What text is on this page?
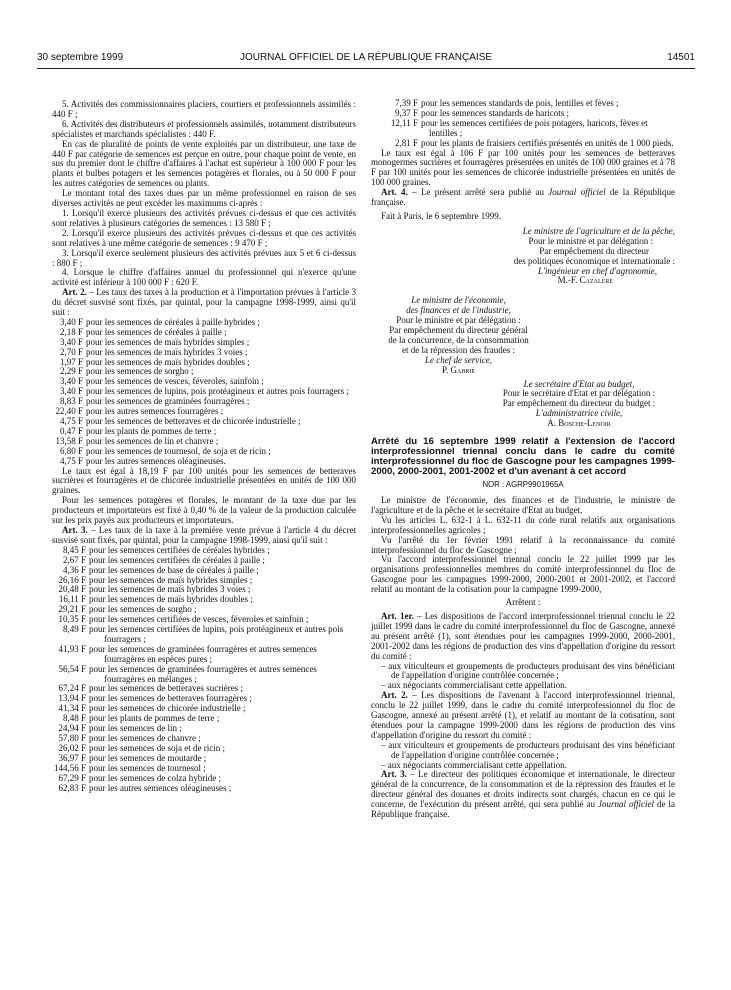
30 septembre 1999	JOURNAL OFFICIEL DE LA RÉPUBLIQUE FRANÇAISE	14501

5. Activités des commissionnaires placiers, courtiers et professionnels assimilés : 440 F ;

6. Activités des distributeurs et professionnels assimilés, notamment distributeurs spécialistes et marchands spécialistes : 440 F.

En cas de pluralité de points de vente exploités par un distributeur, une taxe de 440 F par catégorie de semences est perçue en outre, pour chaque point de vente, en sus du premier dont le chiffre d'affaires à l'achat est supérieur à 100 000 F pour les plants et bulbes potagers et les semences potagères et florales, ou à 50 000 F pour les autres catégories de semences ou plants.

Le montant total des taxes dues par un même professionnel en raison de ses diverses activités ne peut excéder les maximums ci-après :

1. Lorsqu'il exerce plusieurs des activités prévues ci-dessus et que ces activités sont relatives à plusieurs catégories de semences : 13 580 F ;

2. Lorsqu'il exerce plusieurs des activités prévues ci-dessus et que ces activités sont relatives à une même catégorie de semences : 9 470 F ;

3. Lorsqu'il exerce seulement plusieurs des activités prévues aux 5 et 6 ci-dessus : 880 F ;

4. Lorsque le chiffre d'affaires annuel du professionnel qui n'exerce qu'une activité est inférieur à 100 000 F : 620 F.

Art. 2. – Les taux des taxes à la production et à l'importation prévues à l'article 3 du décret susvisé sont fixés, par quintal, pour la campagne 1998-1999, ainsi qu'il suit :

3,40 F pour les semences de céréales à paille hybrides ;

2,18 F pour les semences de céréales à paille ;

3,40 F pour les semences de maïs hybrides simples ;

2,70 F pour les semences de maïs hybrides 3 voies ;

1,97 F pour les semences de maïs hybrides doubles ;

2,29 F pour les semences de sorgho ;

3,40 F pour les semences de vesces, féveroles, sainfoin ;

3,40 F pour les semences de lupins, pois protéagineux et autres pois fourragers ;

8,83 F pour les semences de graminées fourragères ;

22,40 F pour les autres semences fourragères ;

4,75 F pour les semences de betteraves et de chicorée industrielle ;

0,47 F pour les plants de pommes de terre ;

13,58 F pour les semences de lin et chanvre ;

6,80 F pour les semences de tournesol, de soja et de ricin ;

4,75 F pour les autres semences oléagineuses.

Le taux est égal à 18,19 F par 100 unités pour les semences de betteraves sucrières et fourragères et de chicorée industrielle présentées en unités de 100 000 graines.

Pour les semences potagères et florales, le montant de la taxe due par les producteurs et importateurs est fixé à 0,40 % de la valeur de la production calculée sur les prix payés aux producteurs et importateurs.

Art. 3. – Les taux de la taxe à la première vente prévue à l'article 4 du décret susvisé sont fixés, par quintal, pour la campagne 1998-1999, ainsi qu'il suit :

8,45 F pour les semences certifiées de céréales hybrides ;

2,67 F pour les semences certifiées de céréales à paille ;

4,36 F pour les semences de base de céréales à paille ;

26,16 F pour les semences de maïs hybrides simples ;

20,48 F pour les semences de maïs hybrides 3 voies ;

16,11 F pour les semences de maïs hybrides doubles ;

29,21 F pour les semences de sorgho ;

10,35 F pour les semences certifiées de vesces, féveroles et sainfoin ;

8,49 F pour les semences certifiées de lupins, pois protéagineux et autres pois fourragers ;

41,93 F pour les semences de graminées fourragères et autres semences fourragères en espèces pures ;

56,54 F pour les semences de graminées fourragères et autres semences fourragères en mélanges ;

67,24 F pour les semences de betteraves sucrières ;

13,94 F pour les semences de betteraves fourragères ;

41,34 F pour les semences de chicorée industrielle ;

8,48 F pour les plants de pommes de terre ;

24,94 F pour les semences de lin ;

57,80 F pour les semences de chanvre ;

26,02 F pour les semences de soja et de ricin ;

36,97 F pour les semences de moutarde ;

144,56 F pour les semences de tournesol ;

67,29 F pour les semences de colza hybride ;

62,83 F pour les autres semences oléagineuses ;

7,39 F pour les semences standards de pois, lentilles et fèves ;

9,37 F pour les semences standards de haricots ;

12,11 F pour les semences certifiées de pois potagers, haricots, fèves et lentilles ;

2,81 F pour les plants de fraisiers certifiés présentés en unités de 1 000 pieds.

Le taux est égal à 106 F par 100 unités pour les semences de betteraves monogermes sucrières et fourragères présentées en unités de 100 000 graines et à 78 F par 100 unités pour les semences de chicorée industrielle présentées en unités de 100 000 graines.

Art. 4. – Le présent arrêté sera publié au Journal officiel de la République française.

Fait à Paris, le 6 septembre 1999.

Le ministre de l'agriculture et de la pêche,

Pour le ministre et par délégation :

Par empêchement du directeur

des politiques économique et internationale :

L'ingénieur en chef d'agronomie,

M.-F. Cazalère

Le ministre de l'économie,

des finances et de l'industrie,

Pour le ministre et par délégation :

Par empêchement du directeur général

de la concurrence, de la consommation

et de la répression des fraudes :

Le chef de service,

P. Gabrié

Le secrétaire d'Etat au budget,

Pour le secrétaire d'Etat et par délégation :

Par empêchement du directeur du budget :

L'administratrice civile,

A. Bosche-Lenoir

Arrêté du 16 septembre 1999 relatif à l'extension de l'accord interprofessionnel triennal conclu dans le cadre du comité interprofessionnel du floc de Gascogne pour les campagnes 1999-2000, 2000-2001, 2001-2002 et d'un avenant à cet accord

NOR : AGRP9901965A

Le ministre de l'économie, des finances et de l'industrie, le ministre de l'agriculture et de la pêche et le secrétaire d'Etat au budget,

Vu les articles L. 632-1 à L. 632-11 du code rural relatifs aux organisations interprofessionnelles agricoles ;

Vu l'arrêté du 1er février 1991 relatif à la reconnaissance du comité interprofessionnel du floc de Gascogne ;

Vu l'accord interprofessionnel triennal conclu le 22 juillet 1999 par les organisations professionnelles membres du comité interprofessionnel du floc de Gascogne pour les campagnes 1999-2000, 2000-2001 et 2001-2002, et l'accord relatif au montant de la cotisation pour la campagne 1999-2000,

Arrêtent :

Art. 1er. – Les dispositions de l'accord interprofessionnel triennal conclu le 22 juillet 1999 dans le cadre du comité interprofessionnel du floc de Gascogne, annexé au présent arrêté (1), sont étendues pour les campagnes 1999-2000, 2000-2001, 2001-2002 dans les régions de production des vins d'appellation d'origine du ressort du comité :

– aux viticulteurs et groupements de producteurs produisant des vins bénéficiant de l'appellation d'origine contrôlée concernée ;

– aux négociants commercialisant cette appellation.

Art. 2. – Les dispositions de l'avenant à l'accord interprofessionnel triennal, conclu le 22 juillet 1999, dans le cadre du comité interprofessionnel du floc de Gascogne, annexé au présent arrêté (1), et relatif au montant de la cotisation, sont étendues pour la campagne 1999-2000 dans les régions de production des vins d'appellation d'origine du ressort du comité :

– aux viticulteurs et groupements de producteurs produisant des vins bénéficiant de l'appellation d'origine contrôlée concernée ;

– aux négociants commercialisant cette appellation.

Art. 3. – Le directeur des politiques économique et internationale, le directeur général de la concurrence, de la consommation et de la répression des fraudes et le directeur général des douanes et droits indirects sont chargés, chacun en ce qui le concerne, de l'exécution du présent arrêté, qui sera publié au Journal officiel de la République française.
